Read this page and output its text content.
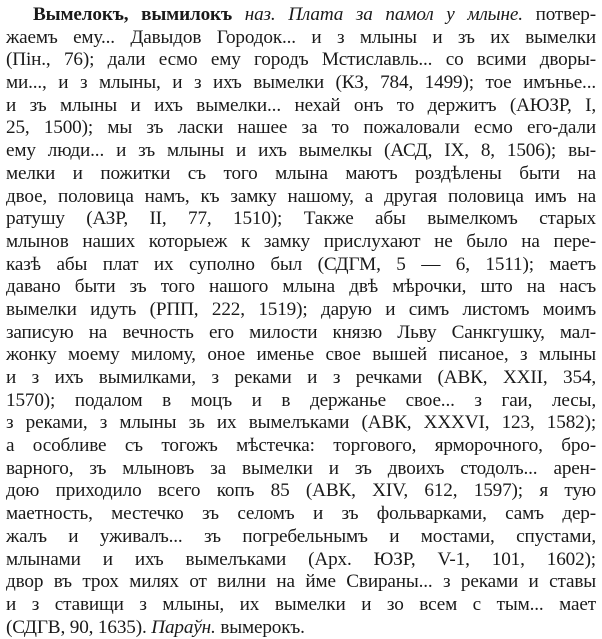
Вымелокъ, вымилокъ наз. Плата за памол у млыне. потвер-
жаемъ ему... Давыдов Городок... и з млыны и зъ их вымелки
(Пін., 76); дали есмо ему городъ Мстиславль... со всими дворы-
ми..., и з млыны, и з ихъ вымелки (КЗ, 784, 1499); тое имънье...
и зъ млыны и ихъ вымелки... нехай онъ то держитъ (АЮЗР, I,
25, 1500); мы зъ ласки нашее за то пожаловали есмо его-дали
ему люди... и зъ млыны и ихъ вымелкы (АСД, IX, 8, 1506); вы-
мелки и пожитки съ того млына маютъ роздѣлены быти на
двое, половица намъ, къ замку нашому, а другая половица имъ на
ратушу (АЗР, II, 77, 1510); Также абы вымелкомъ старых
млынов наших которыеж к замку прислухают не было на пере-
казѣ абы плат их суполно был (СДГМ, 5 — 6, 1511); маетъ
давано быти зъ того нашого млына двѣ мѣрочки, што на насъ
вымелки идуть (РПП, 222, 1519); дарую и симъ листомъ моимъ
записую на вечность его милости князю Льву Санкгушку, мал-
жонку моему милому, оное именье свое вышей писаное, з млыны
и з ихъ вымилками, з реками и з речками (АВК, XXII, 354,
1570); подалом в моцъ и в держанье свое... з гаи, лесы,
з реками, з млыны зь их вымелъками (АВК, XXXVI, 123, 1582);
а особливе съ тогожъ мѣстечка: торгового, ярморочного, бро-
варного, зъ млыновъ за вымелки и зъ двоихъ стодолъ... арен-
дою приходило всего копъ 85 (АВК, XIV, 612, 1597); я тую
маетность, местечко зъ селомъ и зъ фольварками, самъ дер-
жалъ и уживалъ... зъ погребельнымъ и мостами, спустами,
млынами и ихъ вымелъками (Арх. ЮЗР, V-1, 101, 1602);
двор въ трох милях от вилни на йме Свираны... з реками и ставы
и з ставищи з млыны, их вымелки и зо всем с тым... мает
(СДГВ, 90, 1635). Параўн. вымерокъ.
